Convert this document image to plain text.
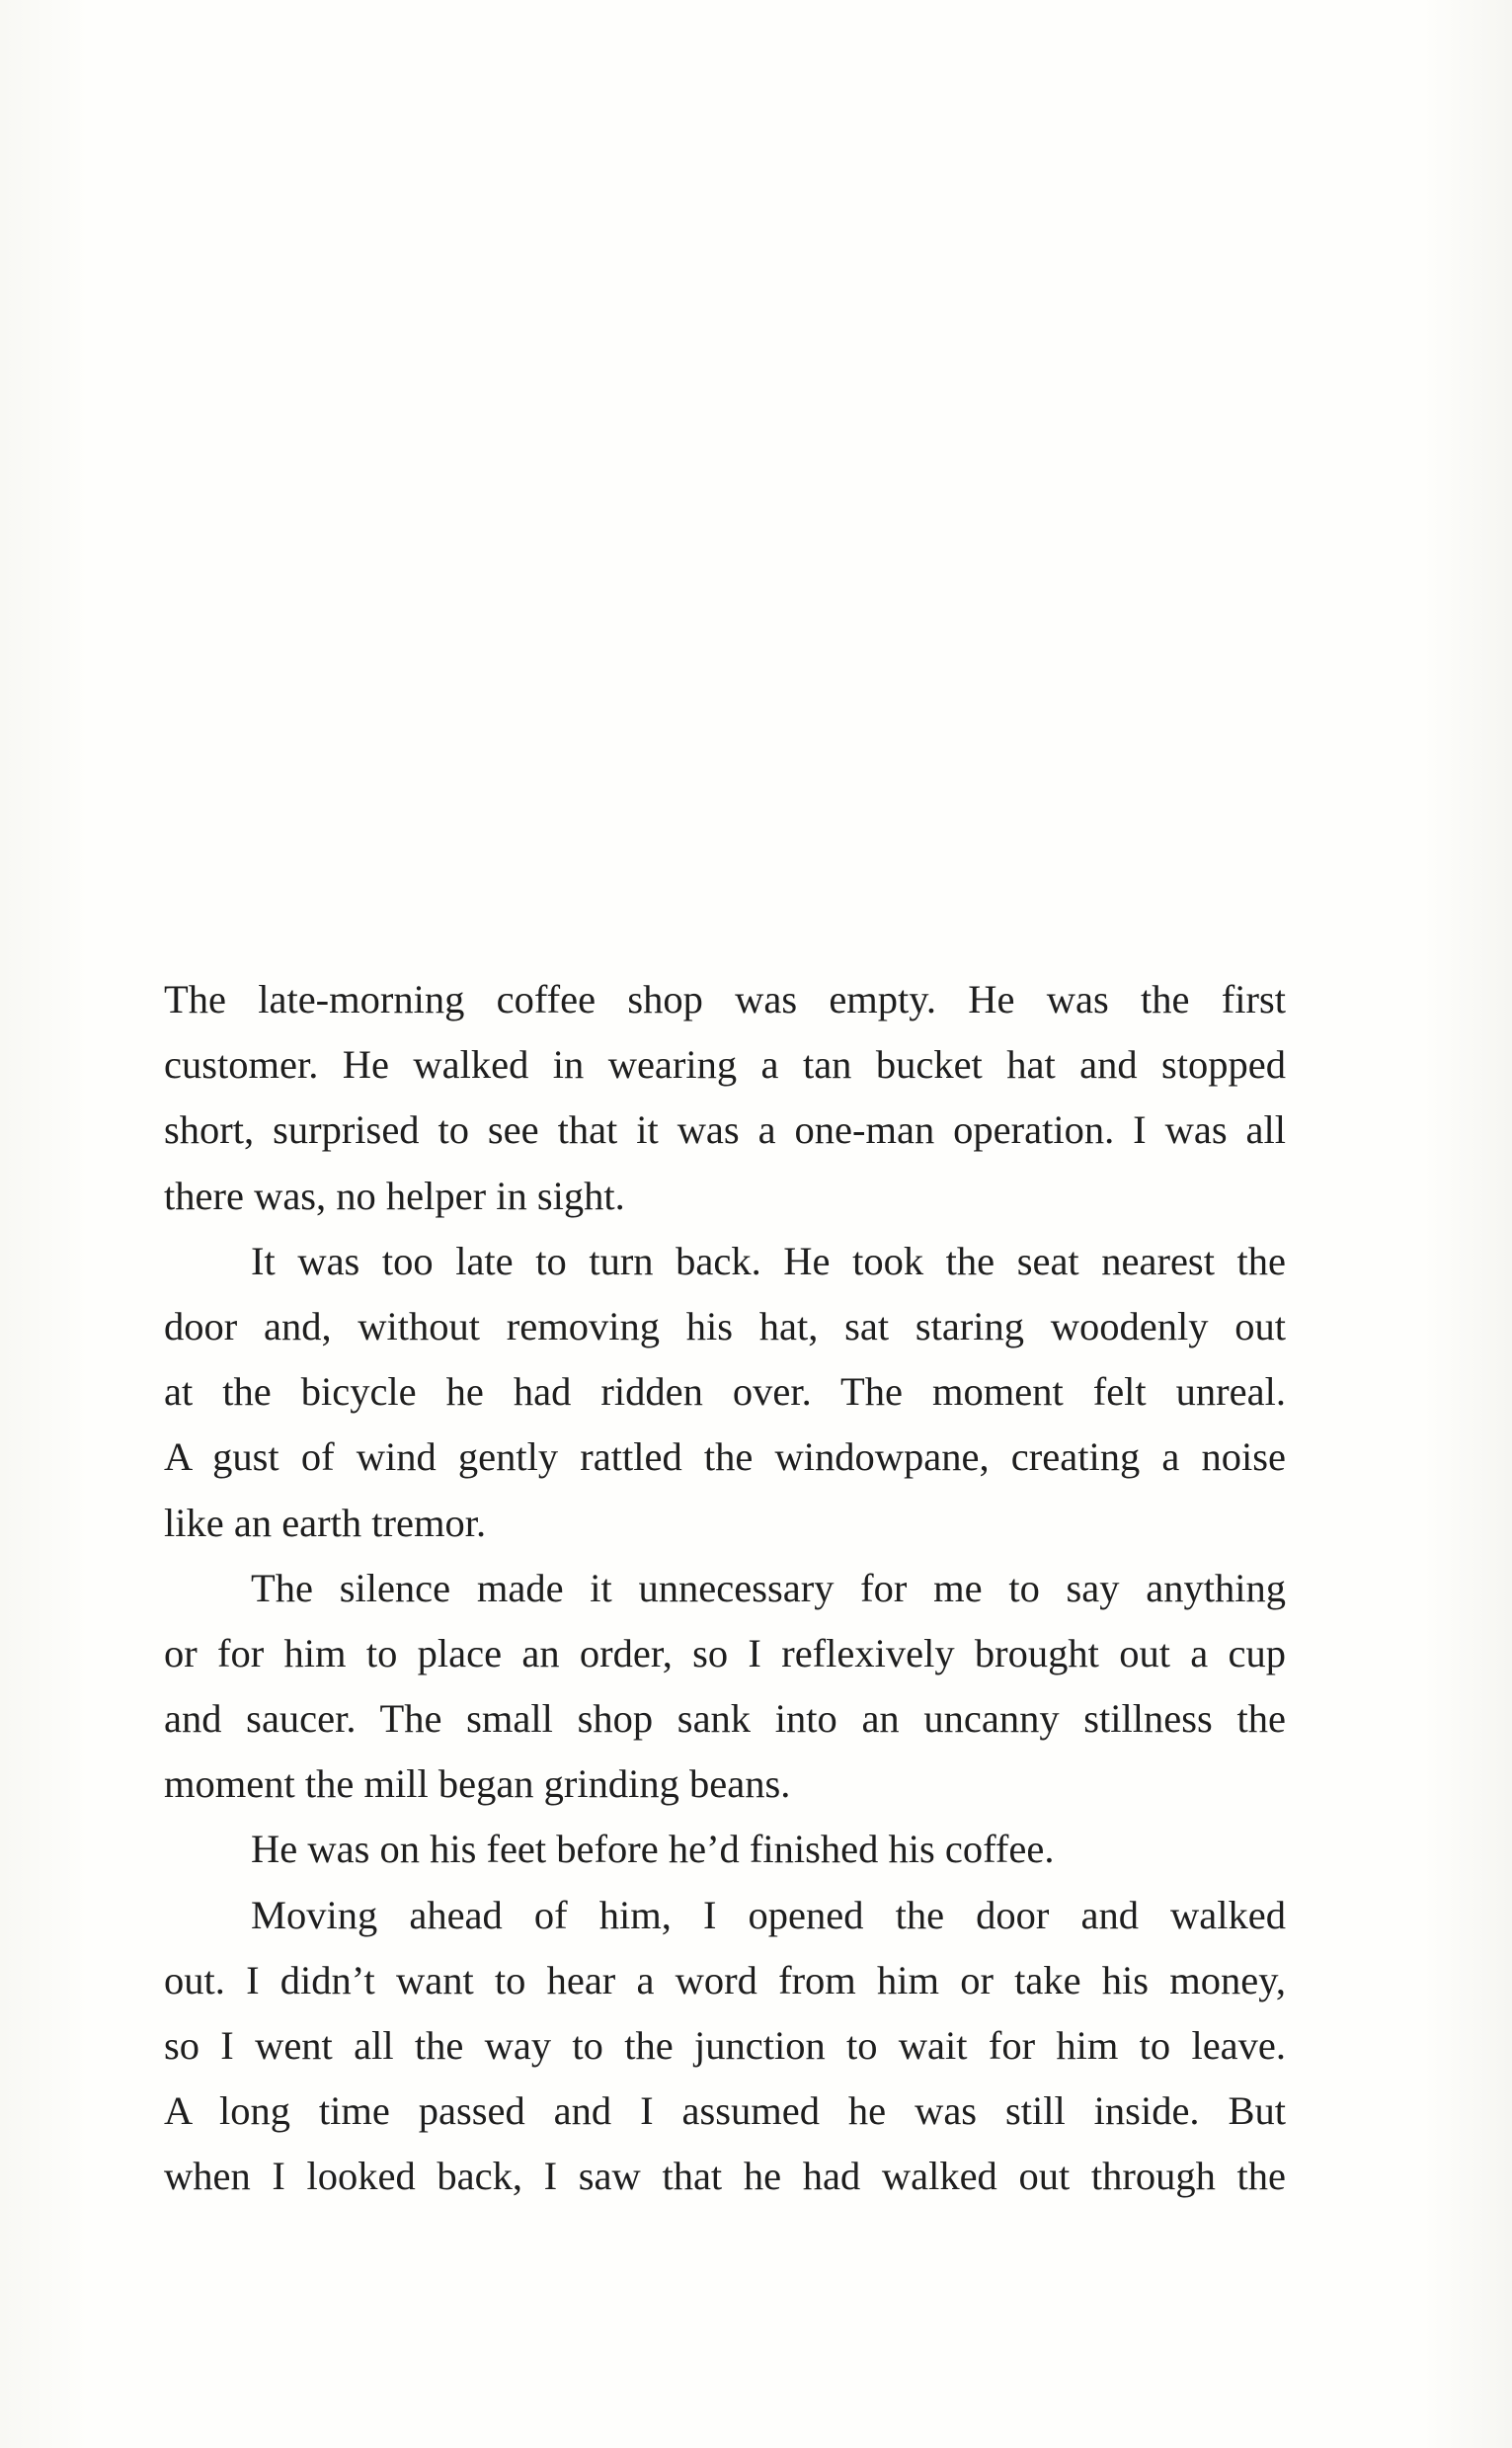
The late-morning coffee shop was empty. He was the first
customer. He walked in wearing a tan bucket hat and stopped
short, surprised to see that it was a one-man operation. I was all
there was, no helper in sight.
It was too late to turn back. He took the seat nearest the
door and, without removing his hat, sat staring woodenly out
at the bicycle he had ridden over. The moment felt unreal.
A gust of wind gently rattled the windowpane, creating a noise
like an earth tremor.
The silence made it unnecessary for me to say anything
or for him to place an order, so I reflexively brought out a cup
and saucer. The small shop sank into an uncanny stillness the
moment the mill began grinding beans.
He was on his feet before he’d finished his coffee.
Moving ahead of him, I opened the door and walked
out. I didn’t want to hear a word from him or take his money,
so I went all the way to the junction to wait for him to leave.
A long time passed and I assumed he was still inside. But
when I looked back, I saw that he had walked out through the
